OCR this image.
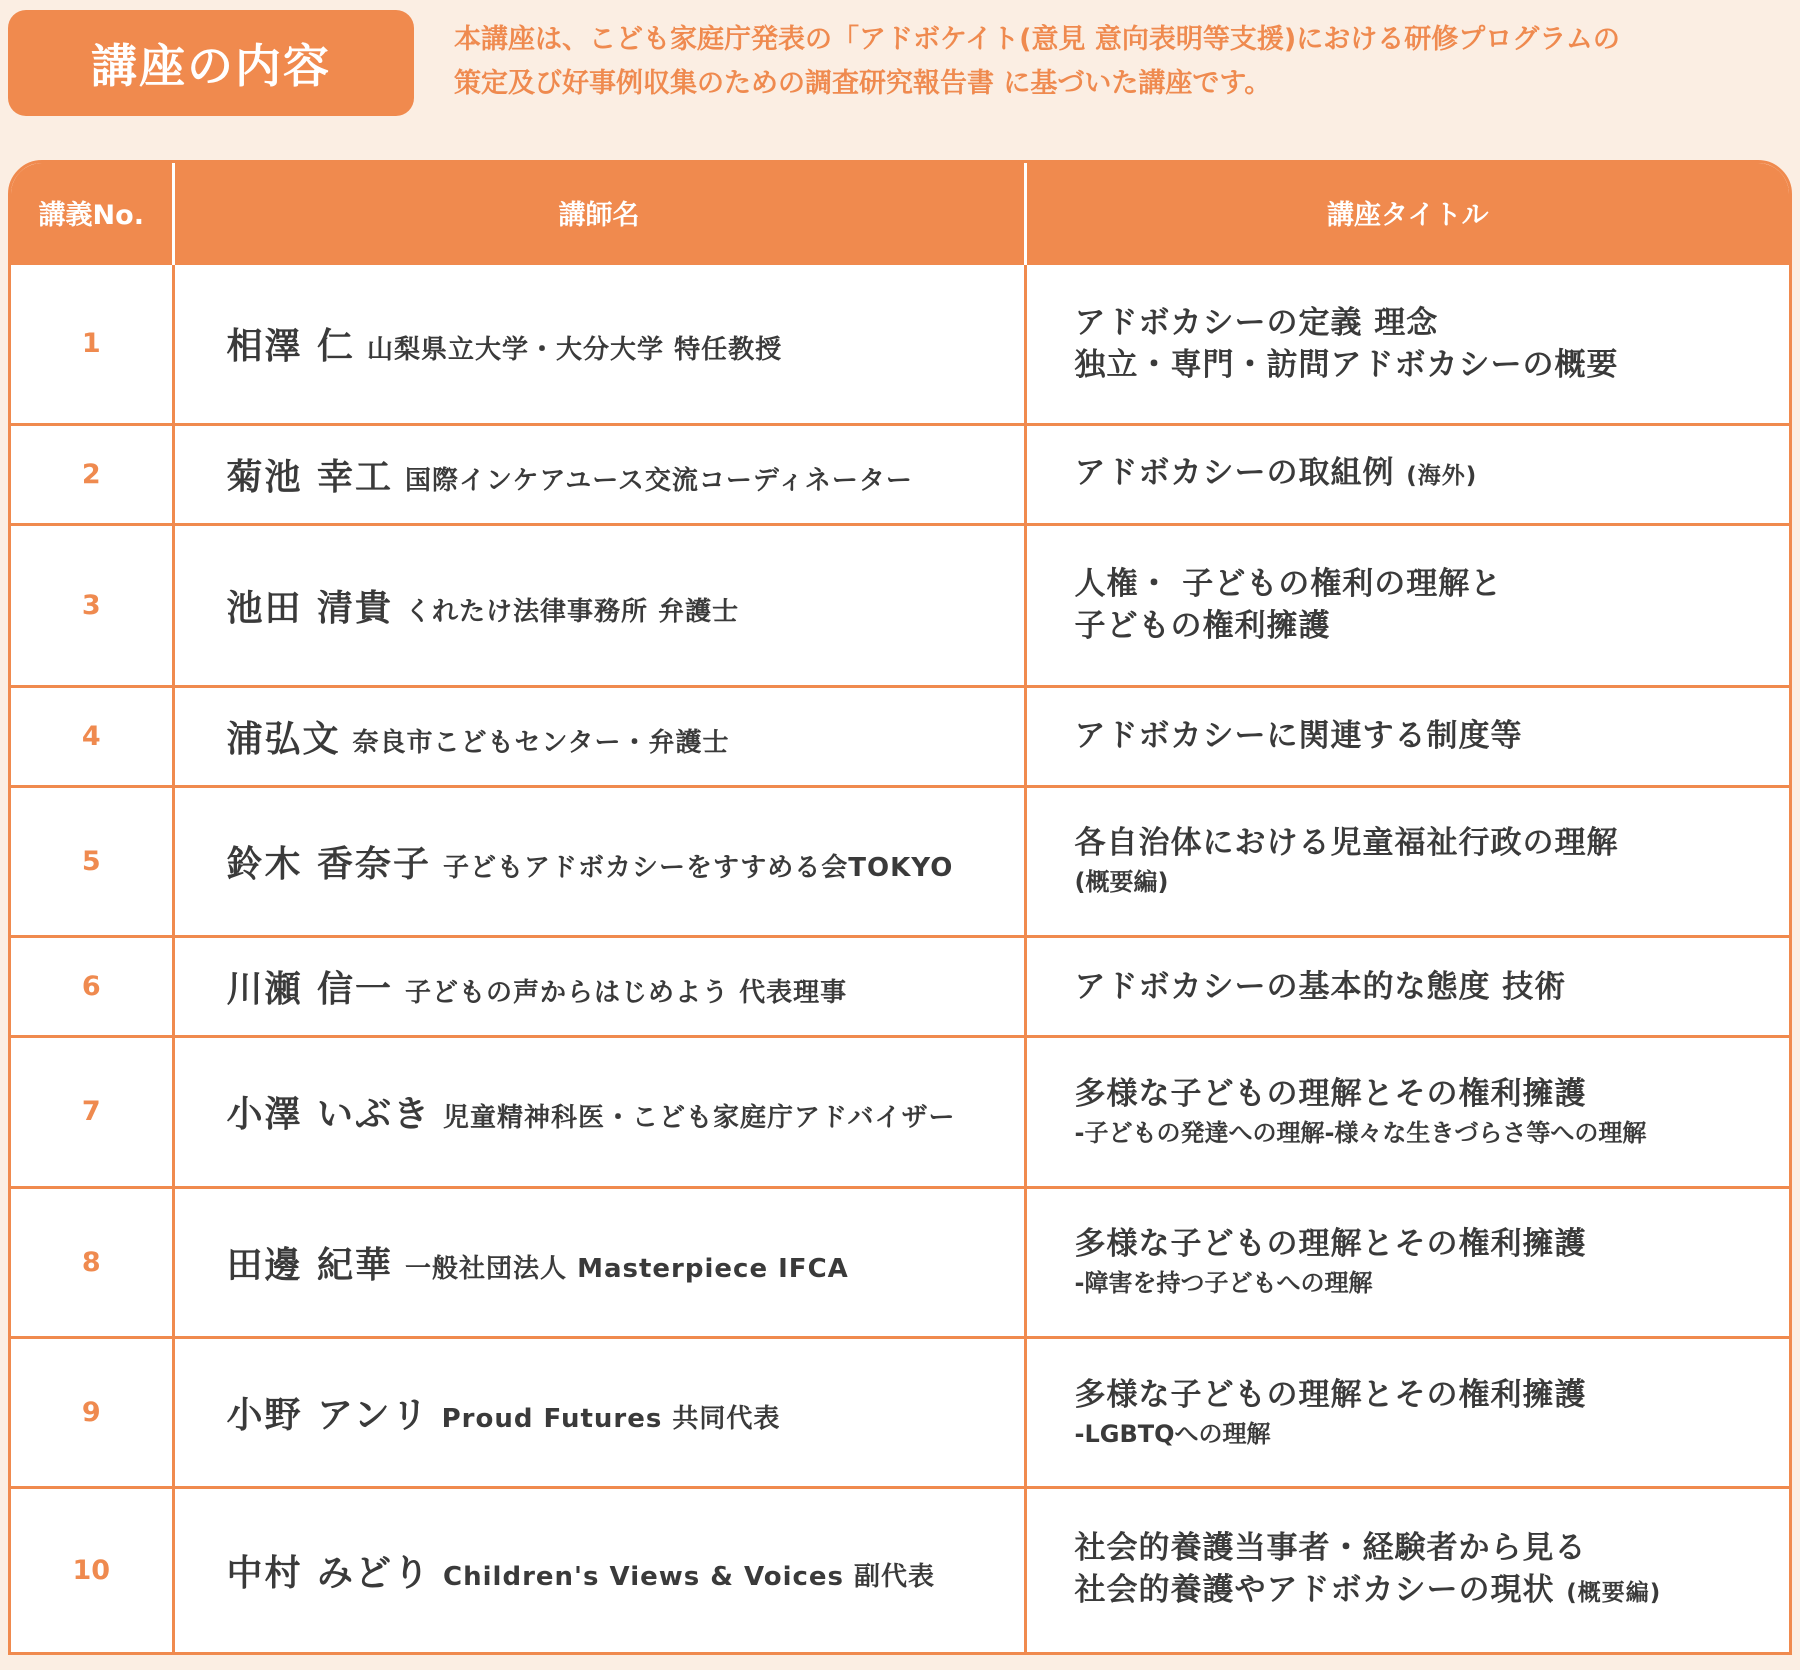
講座の内容	本講座は、こども家庭庁発表の「アドボケイト(意見 意向表明等支援)における研修プログラムの
策定及び好事例収集のための調査研究報告書 に基づいた講座です。
講義No.	講師名	講座タイトル
1	相澤 仁 山梨県立大学・大分大学 特任教授	アドボカシーの定義 理念
独立・専門・訪問アドボカシーの概要

2	菊池 幸工 国際インケアユース交流コーディネーター	アドボカシーの取組例 (海外)

3	池田 清貴 くれたけ法律事務所 弁護士	人権・ 子どもの権利の理解と
子どもの権利擁護

4	浦弘文 奈良市こどもセンター・弁護士	アドボカシーに関連する制度等

5	鈴木 香奈子 子どもアドボカシーをすすめる会TOKYO	各自治体における児童福祉行政の理解
(概要編)

6	川瀬 信一 子どもの声からはじめよう 代表理事	アドボカシーの基本的な態度 技術

7	小澤 いぶき 児童精神科医・こども家庭庁アドバイザー	多様な子どもの理解とその権利擁護
-子どもの発達への理解-様々な生きづらさ等への理解

8	田邊 紀華 一般社団法人 Masterpiece IFCA	多様な子どもの理解とその権利擁護
-障害を持つ子どもへの理解

9	小野 アンリ Proud Futures 共同代表	多様な子どもの理解とその権利擁護
-LGBTQへの理解

10	中村 みどり Children's Views & Voices 副代表	社会的養護当事者・経験者から見る
社会的養護やアドボカシーの現状 (概要編)
